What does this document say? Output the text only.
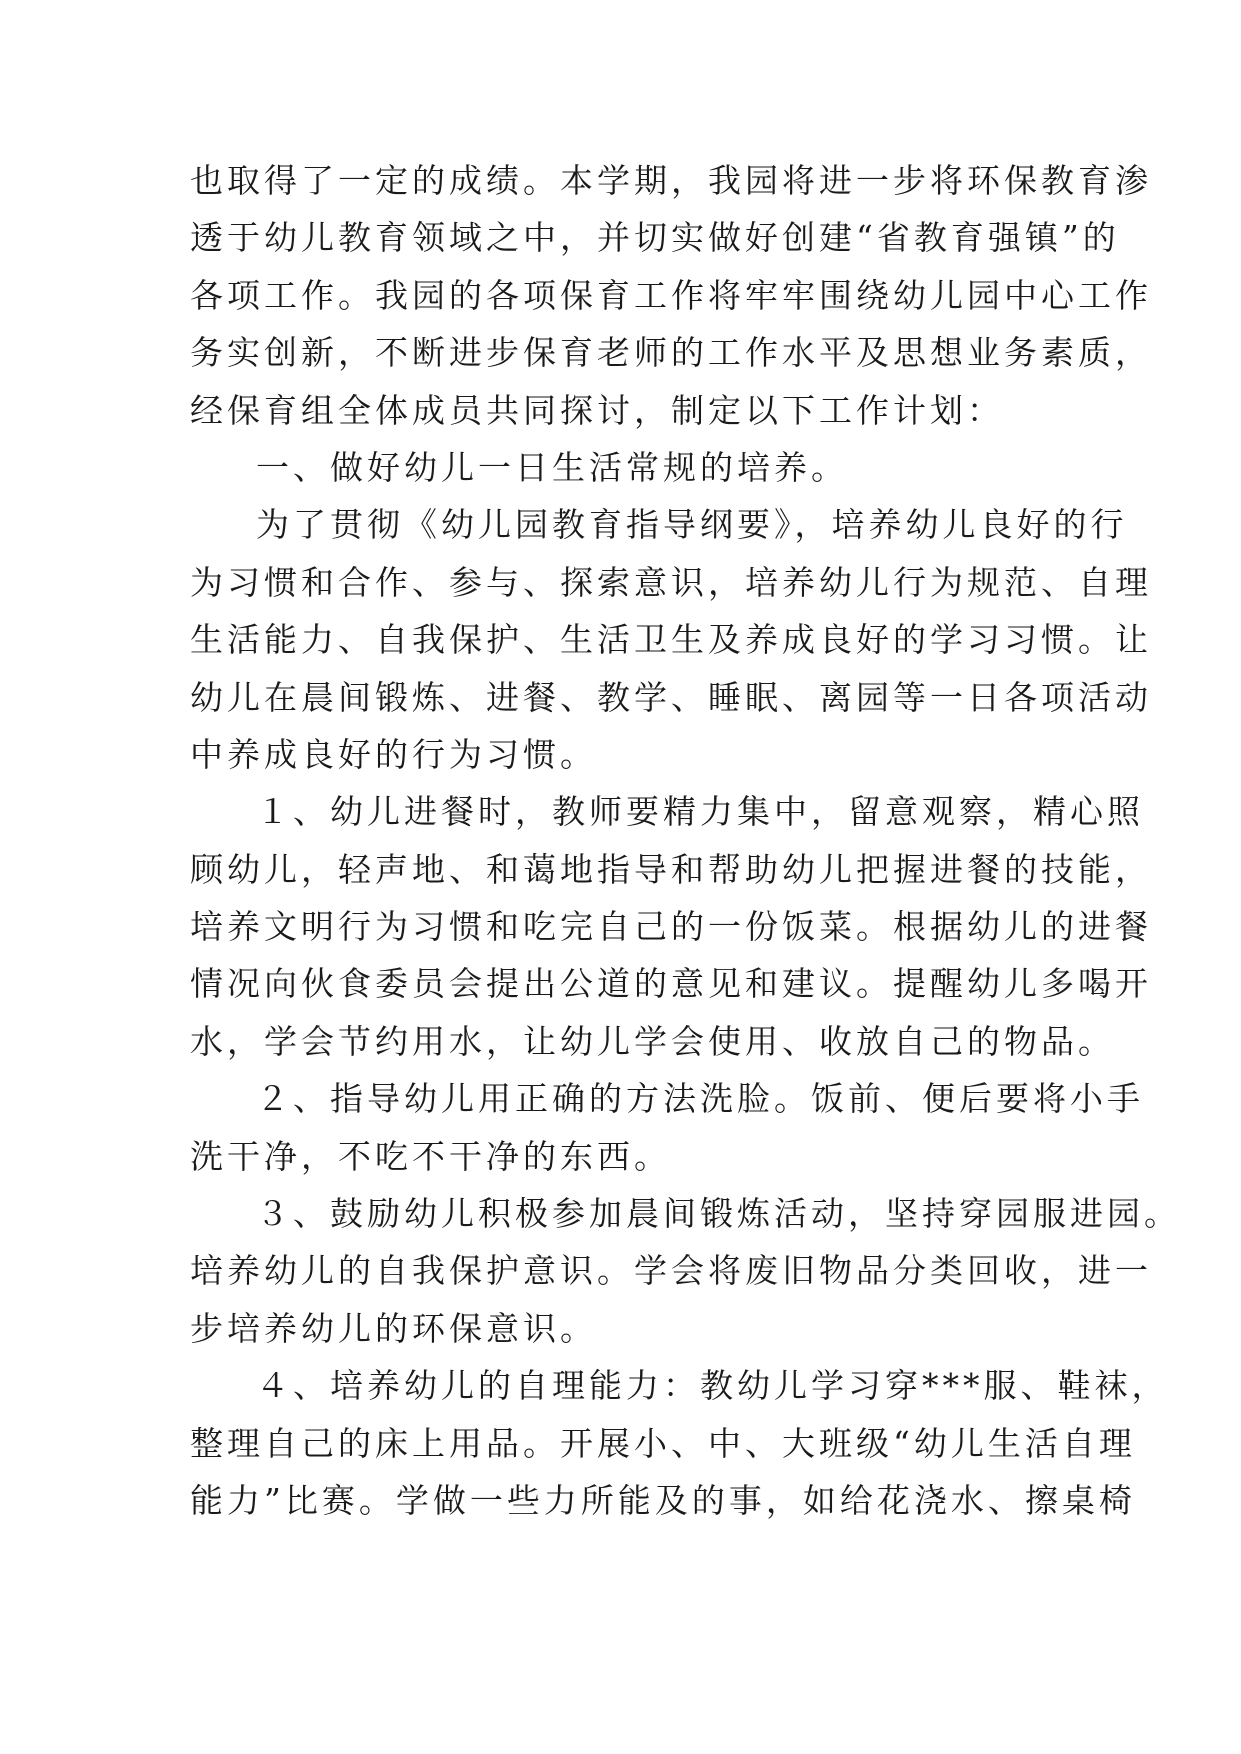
也取得了一定的成绩。本学期，我园将进一步将环保教育渗
透于幼儿教育领域之中，并切实做好创建“省教育强镇”的
各项工作。我园的各项保育工作将牢牢围绕幼儿园中心工作
务实创新，不断进步保育老师的工作水平及思想业务素质，
经保育组全体成员共同探讨，制定以下工作计划：
一、做好幼儿一日生活常规的培养。
为了贯彻《幼儿园教育指导纲要》，培养幼儿良好的行
为习惯和合作、参与、探索意识，培养幼儿行为规范、自理
生活能力、自我保护、生活卫生及养成良好的学习习惯。让
幼儿在晨间锻炼、进餐、教学、睡眠、离园等一日各项活动
中养成良好的行为习惯。
１、幼儿进餐时，教师要精力集中，留意观察，精心照
顾幼儿，轻声地、和蔼地指导和帮助幼儿把握进餐的技能，
培养文明行为习惯和吃完自己的一份饭菜。根据幼儿的进餐
情况向伙食委员会提出公道的意见和建议。提醒幼儿多喝开
水，学会节约用水，让幼儿学会使用、收放自己的物品。
２、指导幼儿用正确的方法洗脸。饭前、便后要将小手
洗干净，不吃不干净的东西。
３、鼓励幼儿积极参加晨间锻炼活动，坚持穿园服进园。
培养幼儿的自我保护意识。学会将废旧物品分类回收，进一
步培养幼儿的环保意识。
４、培养幼儿的自理能力：教幼儿学习穿***服、鞋袜，
整理自己的床上用品。开展小、中、大班级“幼儿生活自理
能力”比赛。学做一些力所能及的事，如给花浇水、擦桌椅
